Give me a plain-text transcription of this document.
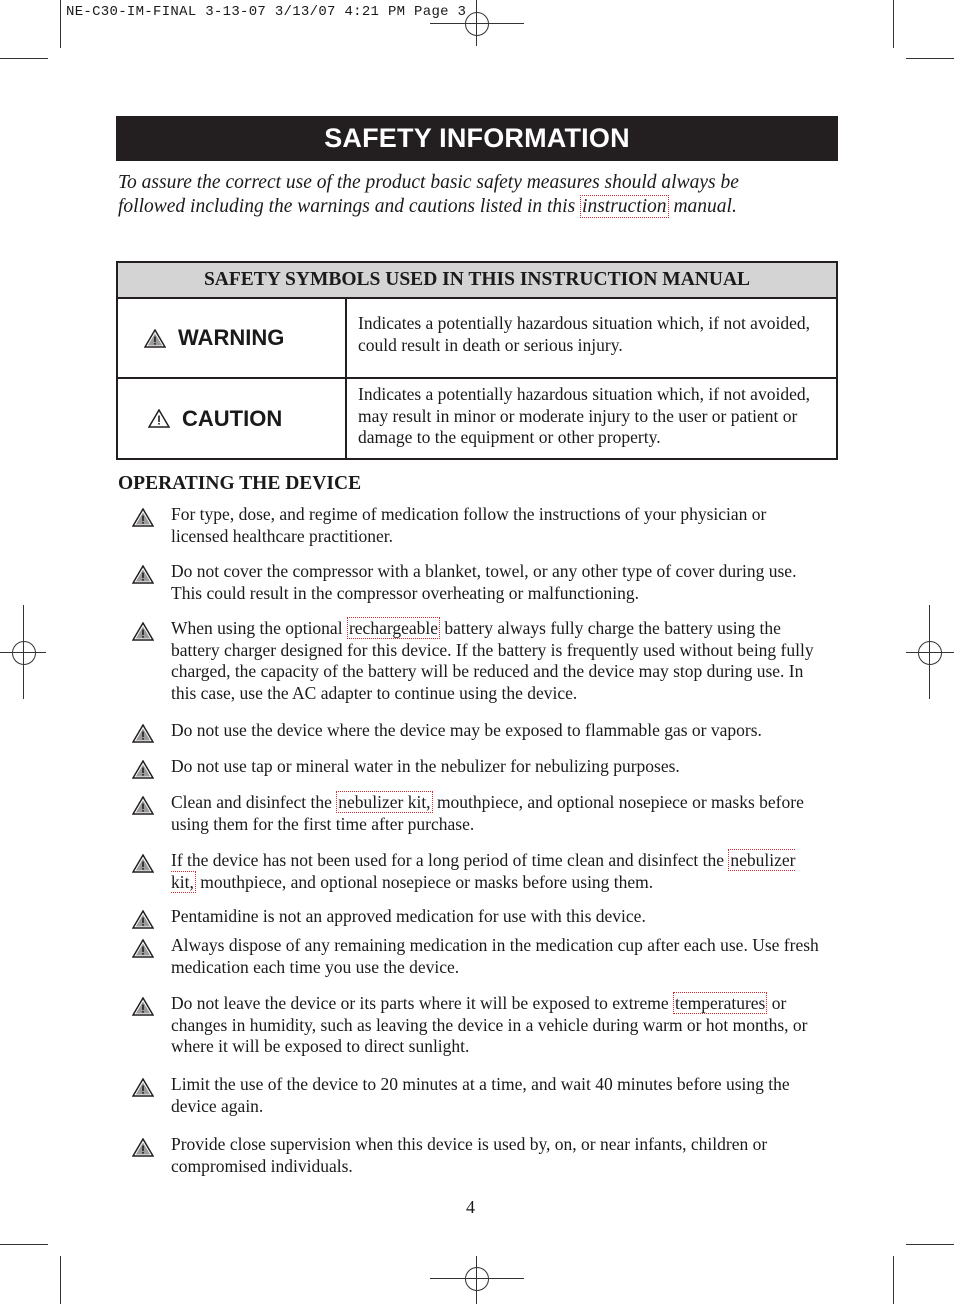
NE-C30-IM-FINAL 3-13-07 3/13/07 4:21 PM Page 3
SAFETY INFORMATION
To assure the correct use of the product basic safety measures should always be
followed including the warnings and cautions listed in this instruction manual.
SAFETY SYMBOLS USED IN THIS INSTRUCTION MANUAL
WARNING
Indicates a potentially hazardous situation which, if not avoided, could result in death or serious injury.
CAUTION
Indicates a potentially hazardous situation which, if not avoided, may result in minor or moderate injury to the user or patient or damage to the equipment or other property.
OPERATING THE DEVICE
For type, dose, and regime of medication follow the instructions of your physician or licensed healthcare practitioner.
Do not cover the compressor with a blanket, towel, or any other type of cover during use. This could result in the compressor overheating or malfunctioning.
When using the optional rechargeable battery always fully charge the battery using the battery charger designed for this device. If the battery is frequently used without being fully charged, the capacity of the battery will be reduced and the device may stop during use. In this case, use the AC adapter to continue using the device.
Do not use the device where the device may be exposed to flammable gas or vapors.
Do not use tap or mineral water in the nebulizer for nebulizing purposes.
Clean and disinfect the nebulizer kit, mouthpiece, and optional nosepiece or masks before using them for the first time after purchase.
If the device has not been used for a long period of time clean and disinfect the nebulizer kit, mouthpiece, and optional nosepiece or masks before using them.
Pentamidine is not an approved medication for use with this device.
Always dispose of any remaining medication in the medication cup after each use. Use fresh medication each time you use the device.
Do not leave the device or its parts where it will be exposed to extreme temperatures or changes in humidity, such as leaving the device in a vehicle during warm or hot months, or where it will be exposed to direct sunlight.
Limit the use of the device to 20 minutes at a time, and wait 40 minutes before using the device again.
Provide close supervision when this device is used by, on, or near infants, children or compromised individuals.
4
